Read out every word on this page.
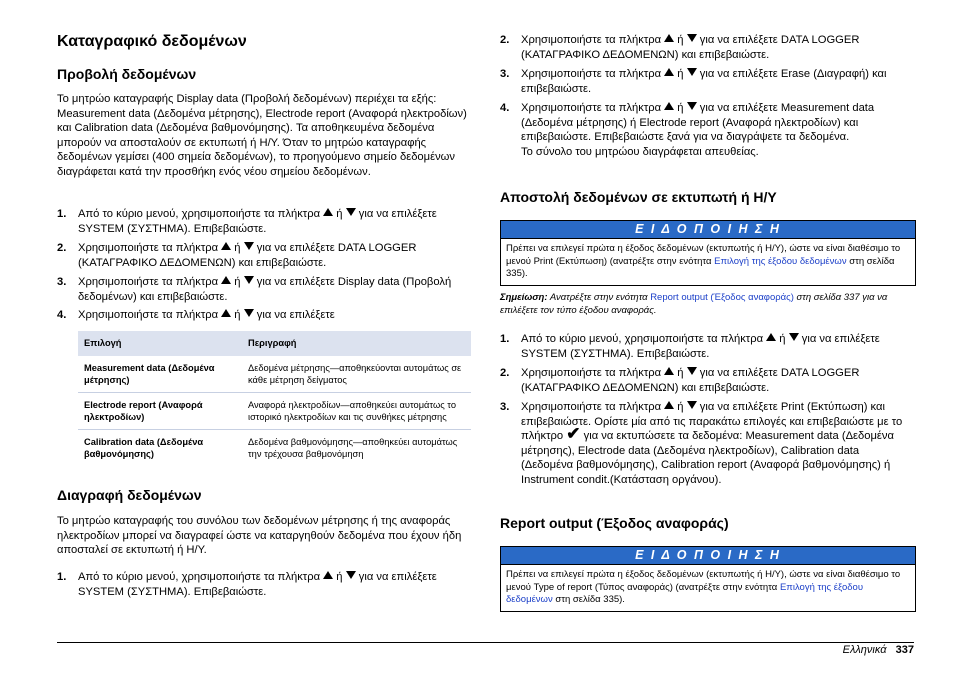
Καταγραφικό δεδομένων
Προβολή δεδομένων
Το μητρώο καταγραφής Display data (Προβολή δεδομένων) περιέχει τα εξής: Measurement data (Δεδομένα μέτρησης), Electrode report (Αναφορά ηλεκτροδίων) και Calibration data (Δεδομένα βαθμονόμησης). Τα αποθηκευμένα δεδομένα μπορούν να αποσταλούν σε εκτυπωτή ή Η/Υ. Όταν το μητρώο καταγραφής δεδομένων γεμίσει (400 σημεία δεδομένων), το προηγούμενο σημείο δεδομένων διαγράφεται κατά την προσθήκη ενός νέου σημείου δεδομένων.
1. Από το κύριο μενού, χρησιμοποιήστε τα πλήκτρα ή για να επιλέξετε SYSTEM (ΣΥΣΤΗΜΑ). Επιβεβαιώστε.
2. Χρησιμοποιήστε τα πλήκτρα ή για να επιλέξετε DATA LOGGER (ΚΑΤΑΓΡΑΦΙΚΟ ΔΕΔΟΜΕΝΩΝ) και επιβεβαιώστε.
3. Χρησιμοποιήστε τα πλήκτρα ή για να επιλέξετε Display data (Προβολή δεδομένων) και επιβεβαιώστε.
4. Χρησιμοποιήστε τα πλήκτρα ή για να επιλέξετε
Επιλογή	Περιγραφή
Measurement data (Δεδομένα μέτρησης)	Δεδομένα μέτρησης—αποθηκεύονται αυτομάτως σε κάθε μέτρηση δείγματος
Electrode report (Αναφορά ηλεκτροδίων)	Αναφορά ηλεκτροδίων—αποθηκεύει αυτομάτως το ιστορικό ηλεκτροδίων και τις συνθήκες μέτρησης
Calibration data (Δεδομένα βαθμονόμησης)	Δεδομένα βαθμονόμησης—αποθηκεύει αυτομάτως την τρέχουσα βαθμονόμηση
Διαγραφή δεδομένων
Το μητρώο καταγραφής του συνόλου των δεδομένων μέτρησης ή της αναφοράς ηλεκτροδίων μπορεί να διαγραφεί ώστε να καταργηθούν δεδομένα που έχουν ήδη αποσταλεί σε εκτυπωτή ή Η/Υ.
1. Από το κύριο μενού, χρησιμοποιήστε τα πλήκτρα ή για να επιλέξετε SYSTEM (ΣΥΣΤΗΜΑ). Επιβεβαιώστε.
2. Χρησιμοποιήστε τα πλήκτρα ή για να επιλέξετε DATA LOGGER (ΚΑΤΑΓΡΑΦΙΚΟ ΔΕΔΟΜΕΝΩΝ) και επιβεβαιώστε.
3. Χρησιμοποιήστε τα πλήκτρα ή για να επιλέξετε Erase (Διαγραφή) και επιβεβαιώστε.
4. Χρησιμοποιήστε τα πλήκτρα ή για να επιλέξετε Measurement data (Δεδομένα μέτρησης) ή Electrode report (Αναφορά ηλεκτροδίων) και επιβεβαιώστε. Επιβεβαιώστε ξανά για να διαγράψετε τα δεδομένα.
Το σύνολο του μητρώου διαγράφεται απευθείας.
Αποστολή δεδομένων σε εκτυπωτή ή Η/Υ
Ε Ι Δ Ο Π Ο Ι Η Σ Η
Πρέπει να επιλεγεί πρώτα η έξοδος δεδομένων (εκτυπωτής ή Η/Υ), ώστε να είναι διαθέσιμο το μενού Print (Εκτύπωση) (ανατρέξτε στην ενότητα Επιλογή της έξοδου δεδομένων στη σελίδα 335).
Σημείωση: Ανατρέξτε στην ενότητα Report output (Έξοδος αναφοράς) στη σελίδα 337 για να επιλέξετε τον τύπο έξοδου αναφοράς.
1. Από το κύριο μενού, χρησιμοποιήστε τα πλήκτρα ή για να επιλέξετε SYSTEM (ΣΥΣΤΗΜΑ). Επιβεβαιώστε.
2. Χρησιμοποιήστε τα πλήκτρα ή για να επιλέξετε DATA LOGGER (ΚΑΤΑΓΡΑΦΙΚΟ ΔΕΔΟΜΕΝΩΝ) και επιβεβαιώστε.
3. Χρησιμοποιήστε τα πλήκτρα ή για να επιλέξετε Print (Εκτύπωση) και επιβεβαιώστε. Ορίστε μία από τις παρακάτω επιλογές και επιβεβαιώστε με το πλήκτρο ✔ για να εκτυπώσετε τα δεδομένα: Measurement data (Δεδομένα μέτρησης), Electrode data (Δεδομένα ηλεκτροδίων), Calibration data (Δεδομένα βαθμονόμησης), Calibration report (Αναφορά βαθμονόμησης) ή Instrument condit.(Κατάσταση οργάνου).
Report output (Έξοδος αναφοράς)
Ε Ι Δ Ο Π Ο Ι Η Σ Η
Πρέπει να επιλεγεί πρώτα η έξοδος δεδομένων (εκτυπωτής ή Η/Υ), ώστε να είναι διαθέσιμο το μενού Type of report (Τύπος αναφοράς) (ανατρέξτε στην ενότητα Επιλογή της έξοδου δεδομένων στη σελίδα 335).
Ελληνικά 337
